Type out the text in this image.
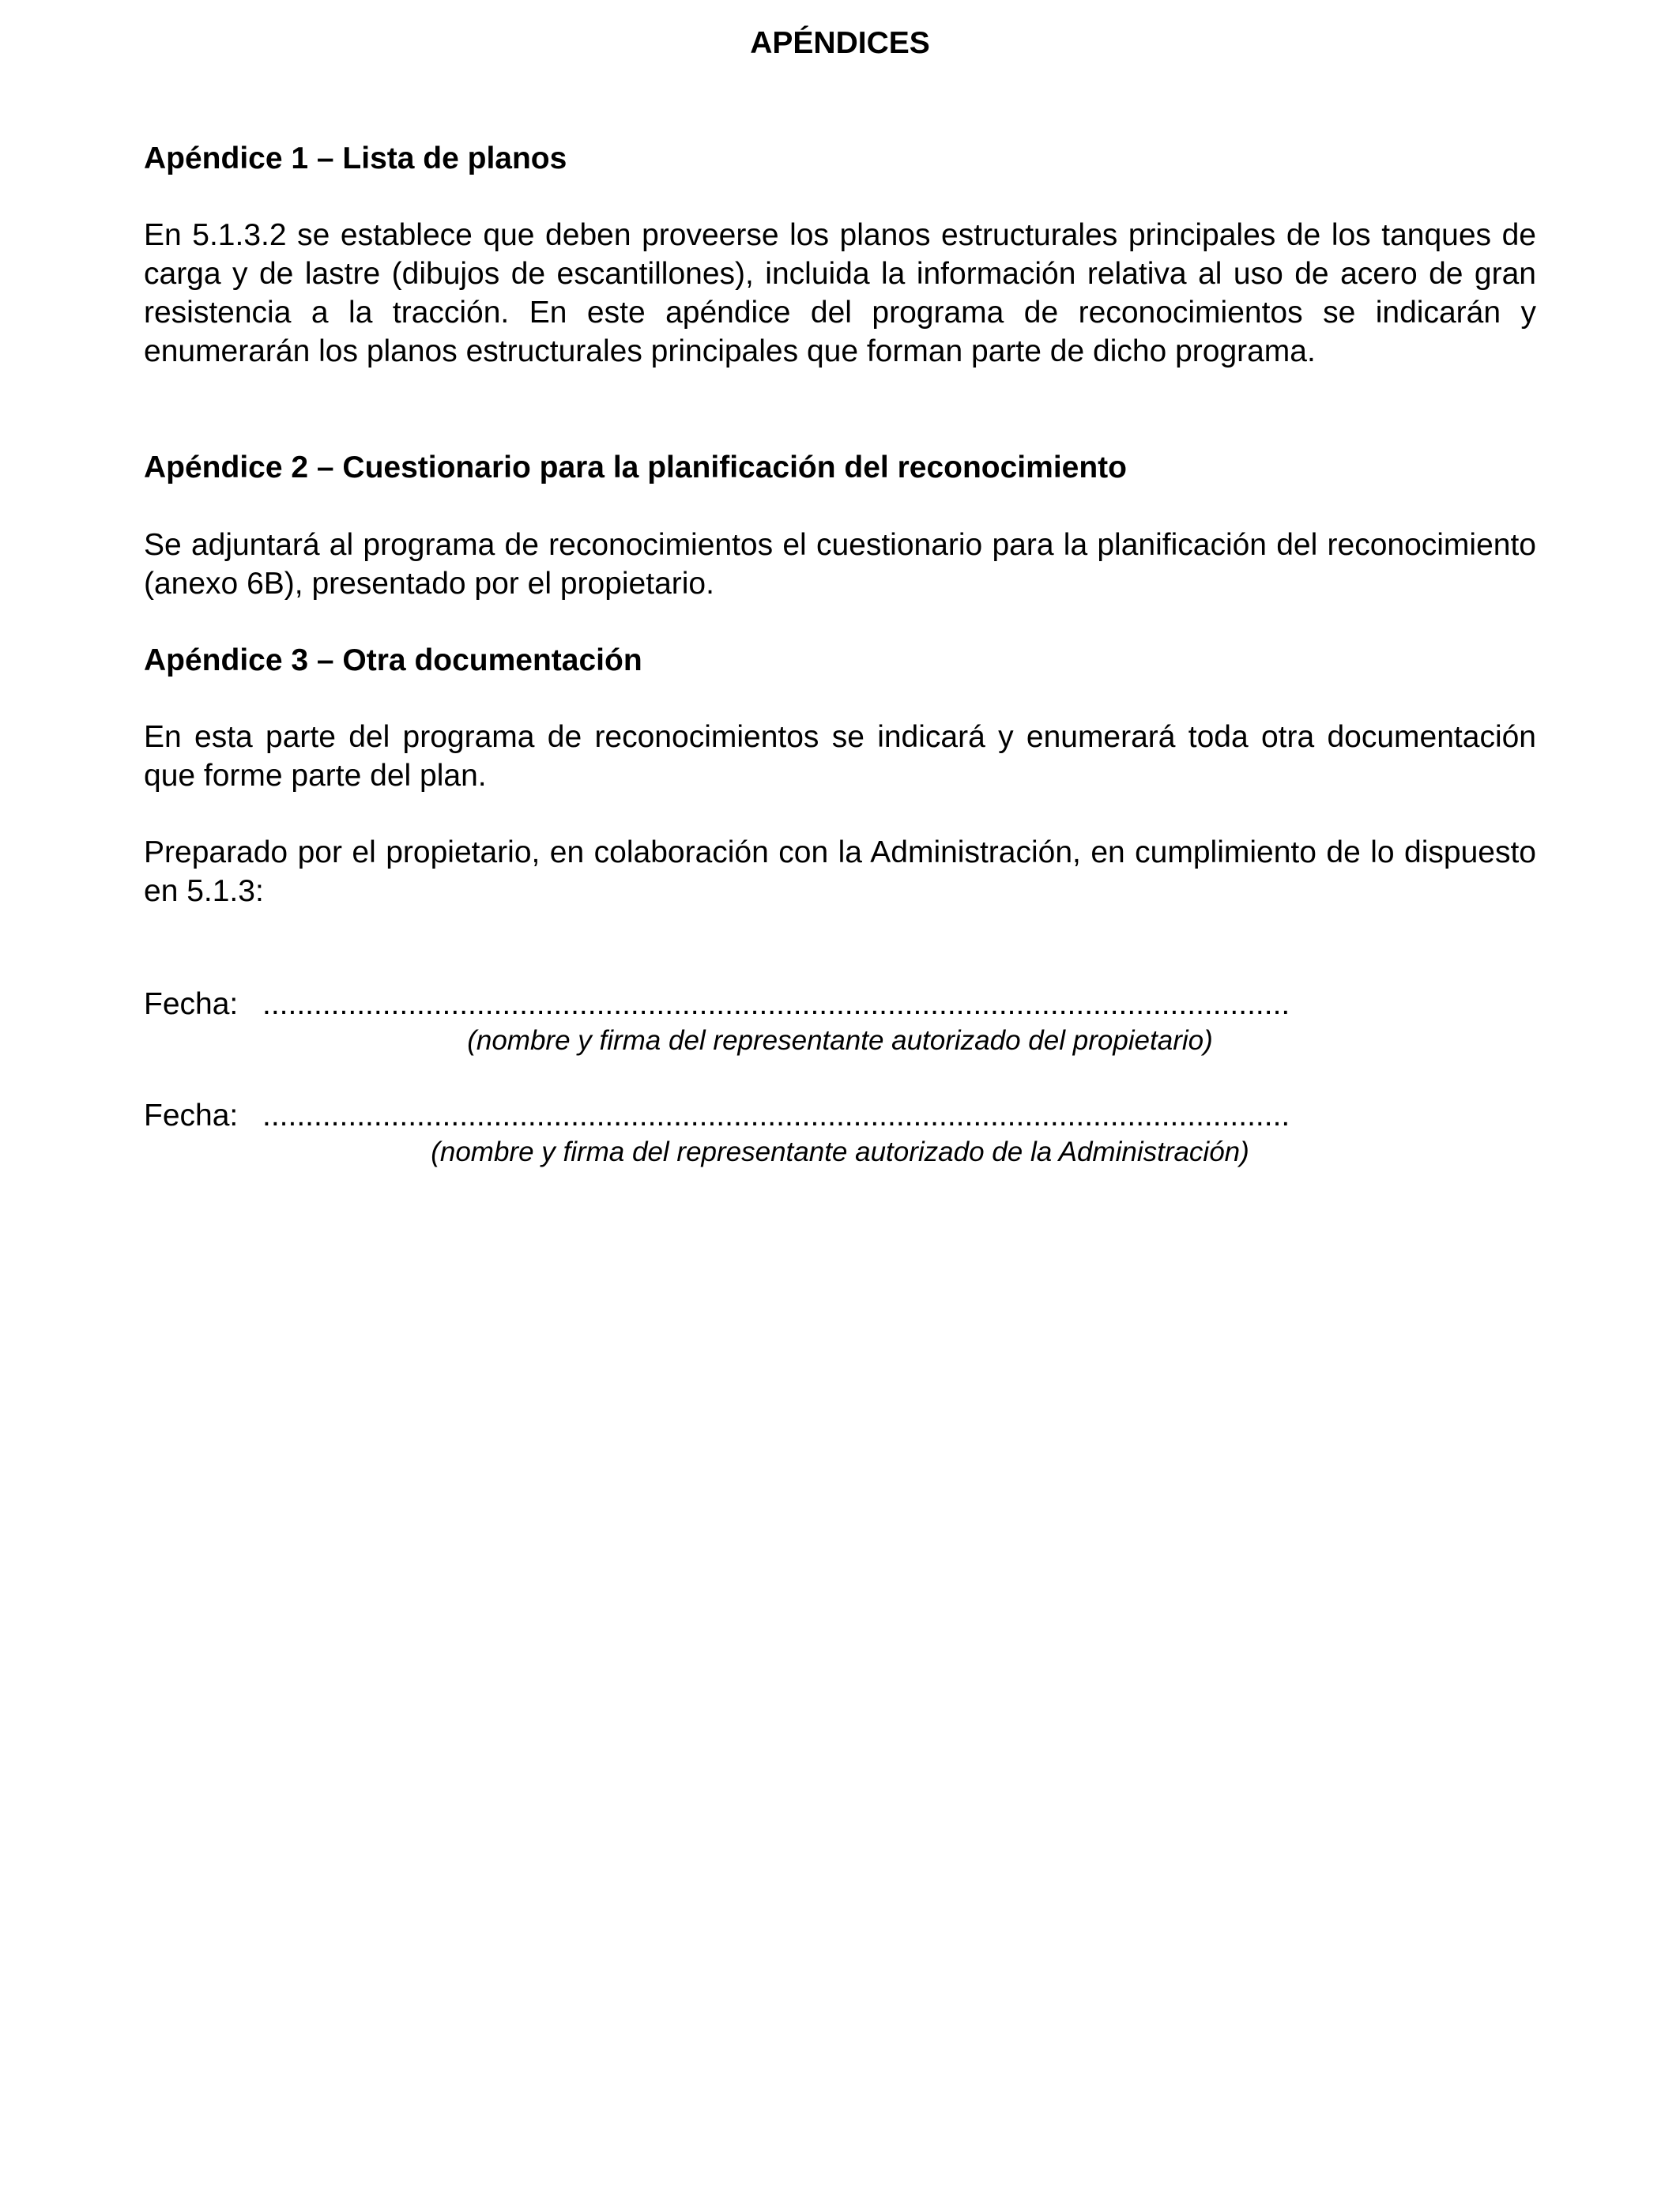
APÉNDICES
Apéndice 1 – Lista de planos

En 5.1.3.2 se establece que deben proveerse los planos estructurales principales de los tanques de carga y de lastre (dibujos de escantillones), incluida la información relativa al uso de acero de gran resistencia a la tracción. En este apéndice del programa de reconocimientos se indicarán y enumerarán los planos estructurales principales que forman parte de dicho programa.

Apéndice 2 – Cuestionario para la planificación del reconocimiento

Se adjuntará al programa de reconocimientos el cuestionario para la planificación del reconocimiento (anexo 6B), presentado por el propietario.

Apéndice 3 – Otra documentación

En esta parte del programa de reconocimientos se indicará y enumerará toda otra documentación que forme parte del plan.

Preparado por el propietario, en colaboración con la Administración, en cumplimiento de lo dispuesto en 5.1.3:

Fecha: ........................................................................................................................

(nombre y firma del representante autorizado del propietario)

Fecha: ........................................................................................................................

(nombre y firma del representante autorizado de la Administración)
